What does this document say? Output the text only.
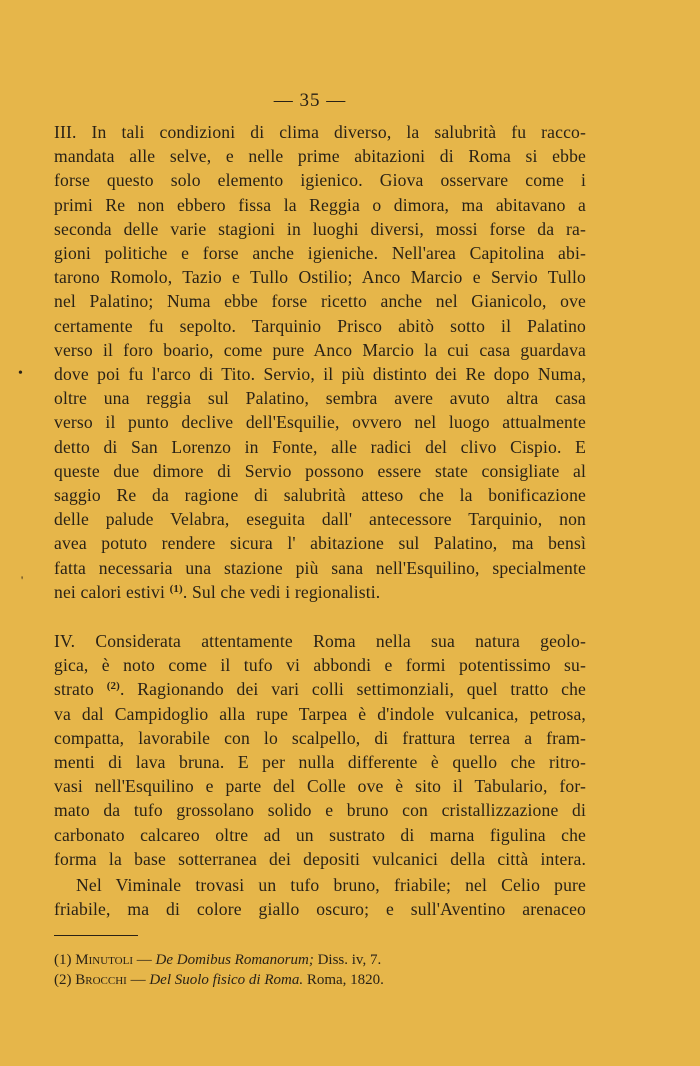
— 35 —
•
'
III. In tali condizioni di clima diverso, la salubrità fu racco-
mandata alle selve, e nelle prime abitazioni di Roma si ebbe
forse questo solo elemento igienico. Giova osservare come i
primi Re non ebbero fissa la Reggia o dimora, ma abitavano a
seconda delle varie stagioni in luoghi diversi, mossi forse da ra-
gioni politiche e forse anche igieniche. Nell'area Capitolina abi-
tarono Romolo, Tazio e Tullo Ostilio; Anco Marcio e Servio Tullo
nel Palatino; Numa ebbe forse ricetto anche nel Gianicolo, ove
certamente fu sepolto. Tarquinio Prisco abitò sotto il Palatino
verso il foro boario, come pure Anco Marcio la cui casa guardava
dove poi fu l'arco di Tito. Servio, il più distinto dei Re dopo Numa,
oltre una reggia sul Palatino, sembra avere avuto altra casa
verso il punto declive dell'Esquilie, ovvero nel luogo attualmente
detto di San Lorenzo in Fonte, alle radici del clivo Cispio. E
queste due dimore di Servio possono essere state consigliate al
saggio Re da ragione di salubrità atteso che la bonificazione
delle palude Velabra, eseguita dall' antecessore Tarquinio, non
avea potuto rendere sicura l' abitazione sul Palatino, ma bensì
fatta necessaria una stazione più sana nell'Esquilino, specialmente
nei calori estivi $^{(1)}$. Sul che vedi i regionalisti.
IV. Considerata attentamente Roma nella sua natura geolo-
gica, è noto come il tufo vi abbondi e formi potentissimo su-
strato $^{(2)}$. Ragionando dei vari colli settimonziali, quel tratto che
va dal Campidoglio alla rupe Tarpea è d'indole vulcanica, petrosa,
compatta, lavorabile con lo scalpello, di frattura terrea a fram-
menti di lava bruna. E per nulla differente è quello che ritro-
vasi nell'Esquilino e parte del Colle ove è sito il Tabulario, for-
mato da tufo grossolano solido e bruno con cristallizzazione di
carbonato calcareo oltre ad un sustrato di marna figulina che
forma la base sotterranea dei depositi vulcanici della città intera.
Nel Viminale trovasi un tufo bruno, friabile; nel Celio pure
friabile, ma di colore giallo oscuro; e sull'Aventino arenaceo
(1) Minutoli — De Domibus Romanorum; Diss. iv, 7.
(2) Brocchi — Del Suolo fisico di Roma. Roma, 1820.
